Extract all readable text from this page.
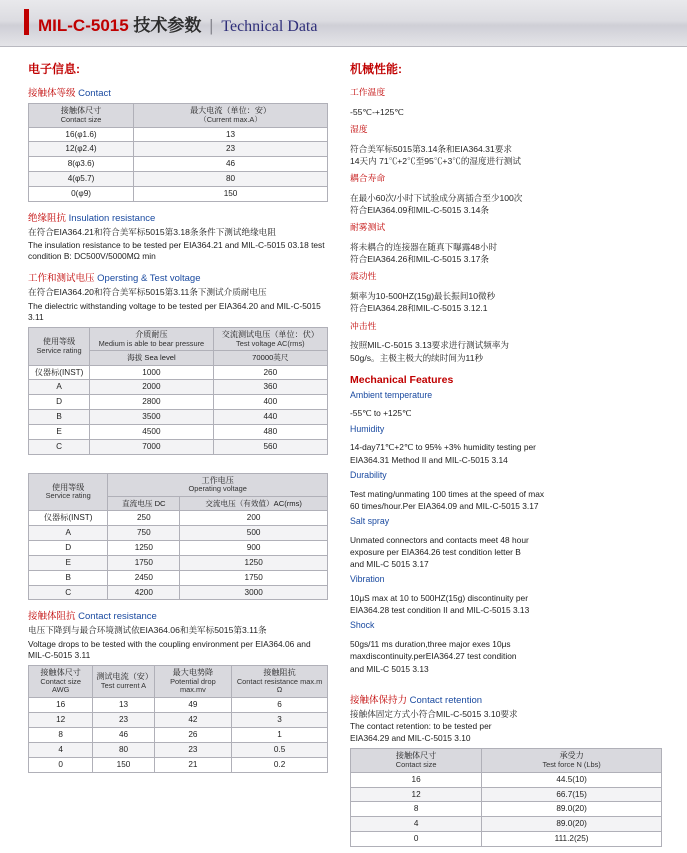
MIL-C-5015 技术参数 | Technical Data
电子信息:
接触体等级 Contact
接触体尺寸
Contact size	最大电流（单位：安）
（Current max.A）

16(φ1.6)	13
12(φ2.4)	23
8(φ3.6)	46
4(φ5.7)	80
0(φ9)	150
绝缘阻抗 Insulation resistance

在符合EIA364.21和符合美军标5015第3.18条条件下测试绝缘电阻

The insulation resistance to be tested per EIA364.21 and MIL-C-5015 03.18 test condition B: DC500V/5000MΩ min

工作和测试电压 Opersting & Test voltage

在符合EIA364.20和符合美军标5015第3.11条下测试介质耐电压

The dielectric withstanding voltage to be tested per EIA364.20 and MIL-C-5015 3.11

使用等级
Service rating	介质耐压
Medium is able to bear pressure	交流测试电压（单位：伏）
Test voltage AC(rms)

	海拔 Sea level	70000英尺
仪器标(INST)	1000	260
A	2000	360
D	2800	400
B	3500	440
E	4500	480
C	7000	560
使用等级
Service rating	工作电压
Operating voltage	

	直流电压 DC	交流电压（有效值）AC(rms)
仪器标(INST)	250	200
A	750	500
D	1250	900
E	1750	1250
B	2450	1750
C	4200	3000
接触体阻抗 Contact resistance

电压下降到与最合环境测试依EIA364.06和美军标5015第3.11条

Voltage drops to be tested with the coupling environment per EIA364.06 and MIL-C-5015 3.11

接触体尺寸
Contact size AWG	测试电流（安）
Test current A	最大电势降
Potential drop max.mv	接触阻抗
Contact resistance max.m Ω

16	13	49	6
12	23	42	3
8	46	26	1
4	80	23	0.5
0	150	21	0.2
机械性能:

工作温度

-55℃-+125℃

湿度

符合美军标5015第3.14条和EIA364.31要求

14天内 71℃+2℃至95℃+3℃的湿度进行测试

耦合寿命

在最小60次/小时下试验成分离插合至少100次

符合EIA364.09和MIL-C-5015 3.14条

耐雾测试

将未耦合的连接器在随真下曝露48小时

符合EIA364.26和MIL-C-5015 3.17条

震动性

频率为10-500HZ(15g)最长振间10微秒

符合EIA364.28和MIL-C-5015 3.12.1

冲击性

按照MIL-C-5015 3.13要求进行测试频率为

50g/s。主极主极大的续时间为11秒

Mechanical Features

Ambient temperature

-55℃ to +125℃

Humidity

14-day71℃+2℃ to 95% +3% humidity testing per

EIA364.31 Method II and MIL-C-5015 3.14

Durability

Test mating/unmating 100 times at the speed of max

60 times/hour.Per EIA364.09 and MIL-C-5015 3.17

Salt spray

Unmated connectors and contacts meet 48 hour

exposure per EIA364.26 test condition letter B

and MIL-C 5015 3.17

Vibration

10μS max at 10 to 500HZ(15g) discontinuity per

EIA364.28 test condition II and MIL-C-5015 3.13

Shock

50gs/11 ms duration,three major exes 10μs

maxdiscontinuity.perEIA364.27 test condition

and MIL-C 5015 3.13

接触体保持力 Contact retention

接触体固定方式小符合MIL-C-5015 3.10要求

The contact retention: to be tested per

EIA364.29 and MIL-C-5015 3.10

接触体尺寸
Contact size	承受力
Test force N (Lbs)

16	44.5(10)
12	66.7(15)
8	89.0(20)
4	89.0(20)
0	111.2(25)
